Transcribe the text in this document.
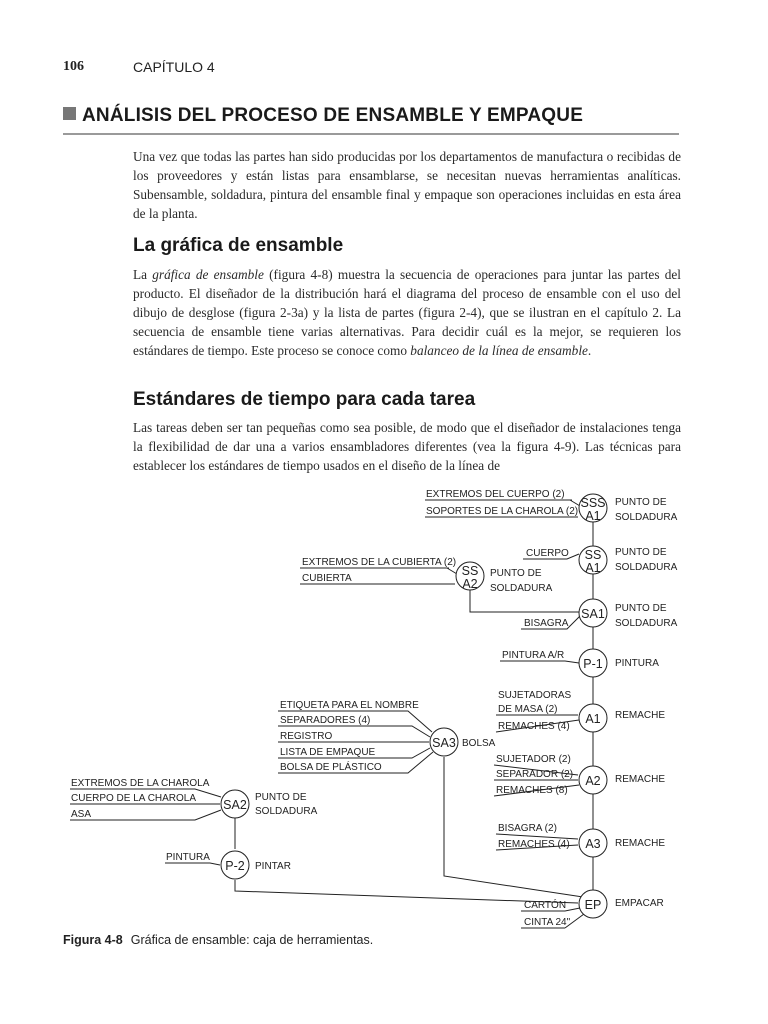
106	CAPÍTULO 4
ANÁLISIS DEL PROCESO DE ENSAMBLE Y EMPAQUE
Una vez que todas las partes han sido producidas por los departamentos de manufactura o recibidas de los proveedores y están listas para ensamblarse, se necesitan nuevas herramientas analíticas. Subensamble, soldadura, pintura del ensamble final y empaque son operaciones incluidas en esta área de la planta.
La gráfica de ensamble
La gráfica de ensamble (figura 4-8) muestra la secuencia de operaciones para juntar las partes del producto. El diseñador de la distribución hará el diagrama del proceso de ensamble con el uso del dibujo de desglose (figura 2-3a) y la lista de partes (figura 2-4), que se ilustran en el capítulo 2. La secuencia de ensamble tiene varias alternativas. Para decidir cuál es la mejor, se requieren los estándares de tiempo. Este proceso se conoce como balanceo de la línea de ensamble.
Estándares de tiempo para cada tarea
Las tareas deben ser tan pequeñas como sea posible, de modo que el diseñador de instalaciones tenga la flexibilidad de dar una a varios ensambladores diferentes (vea la figura 4-9). Las técnicas para establecer los estándares de tiempo usados en el diseño de la línea de
SSS
A1
SS
A1
SS
A2
SA1
P-1
A1
A2
A3
EP
SA3
SA2
P-2
EXTREMOS DEL CUERPO (2)
SOPORTES DE LA CHAROLA (2)
CUERPO
EXTREMOS DE LA CUBIERTA (2)
CUBIERTA
BISAGRA
PINTURA A/R
SUJETADORAS
DE MASA (2)
REMACHES (4)
SUJETADOR (2)
SEPARADOR (2)
REMACHES (8)
BISAGRA (2)
REMACHES (4)
CARTÓN
CINTA 24"
ETIQUETA PARA EL NOMBRE
SEPARADORES (4)
REGISTRO
LISTA DE EMPAQUE
BOLSA DE PLÁSTICO
EXTREMOS DE LA CHAROLA
CUERPO DE LA CHAROLA
ASA
PINTURA
PUNTO DE
SOLDADURA
PUNTO DE
SOLDADURA
PUNTO DE
SOLDADURA
PUNTO DE
SOLDADURA
PINTURA
REMACHE
REMACHE
REMACHE
EMPACAR
BOLSA
PUNTO DE
SOLDADURA
PINTAR
Figura 4-8 Gráfica de ensamble: caja de herramientas.
